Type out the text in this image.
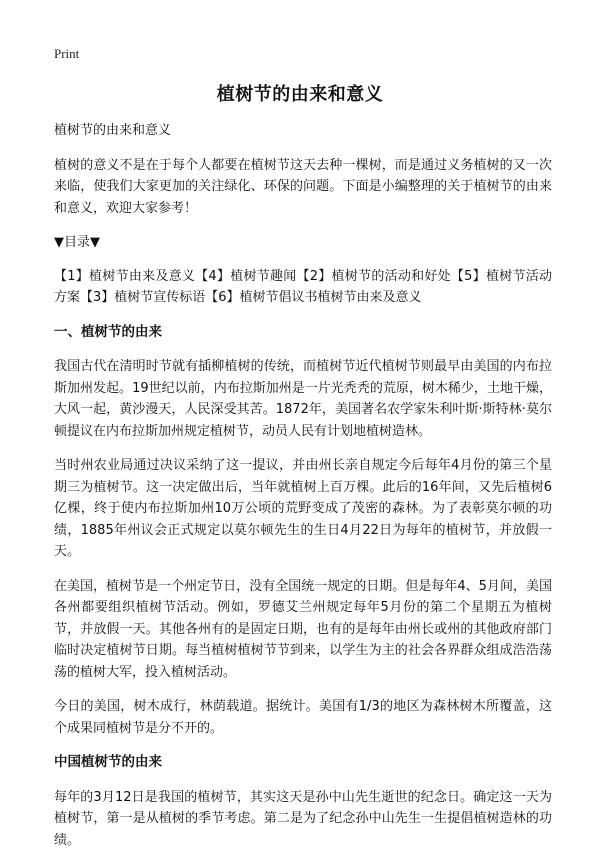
Print
植树节的由来和意义

植树节的由来和意义

植树的意义不是在于每个人都要在植树节这天去种一棵树，而是通过义务植树的又一次来临，使我们大家更加的关注绿化、环保的问题。下面是小编整理的关于植树节的由来和意义，欢迎大家参考！

▼目录▼

【1】植树节由来及意义【4】植树节趣闻【2】植树节的活动和好处【5】植树节活动方案【3】植树节宣传标语【6】植树节倡议书植树节由来及意义

一、植树节的由来

我国古代在清明时节就有插柳植树的传统，而植树节近代植树节则最早由美国的内布拉斯加州发起。19世纪以前，内布拉斯加州是一片光秃秃的荒原，树木稀少，土地干燥，大风一起，黄沙漫天，人民深受其苦。1872年，美国著名农学家朱利叶斯·斯特林·莫尔顿提议在内布拉斯加州规定植树节，动员人民有计划地植树造林。

当时州农业局通过决议采纳了这一提议，并由州长亲自规定今后每年4月份的第三个星期三为植树节。这一决定做出后，当年就植树上百万棵。此后的16年间，又先后植树6亿棵，终于使内布拉斯加州10万公顷的荒野变成了茂密的森林。为了表彰莫尔顿的功绩，1885年州议会正式规定以莫尔顿先生的生日4月22日为每年的植树节，并放假一天。

在美国，植树节是一个州定节日，没有全国统一规定的日期。但是每年4、5月间，美国各州都要组织植树节活动。例如，罗德艾兰州规定每年5月份的第二个星期五为植树节，并放假一天。其他各州有的是固定日期，也有的是每年由州长或州的其他政府部门临时决定植树节日期。每当植树植树节节到来，以学生为主的社会各界群众组成浩浩荡荡的植树大军，投入植树活动。

今日的美国，树木成行，林荫载道。据统计。美国有1/3的地区为森林树木所覆盖，这个成果同植树节是分不开的。

中国植树节的由来

每年的3月12日是我国的植树节，其实这天是孙中山先生逝世的纪念日。确定这一天为植树节，第一是从植树的季节考虑。第二是为了纪念孙中山先生一生提倡植树造林的功绩。
